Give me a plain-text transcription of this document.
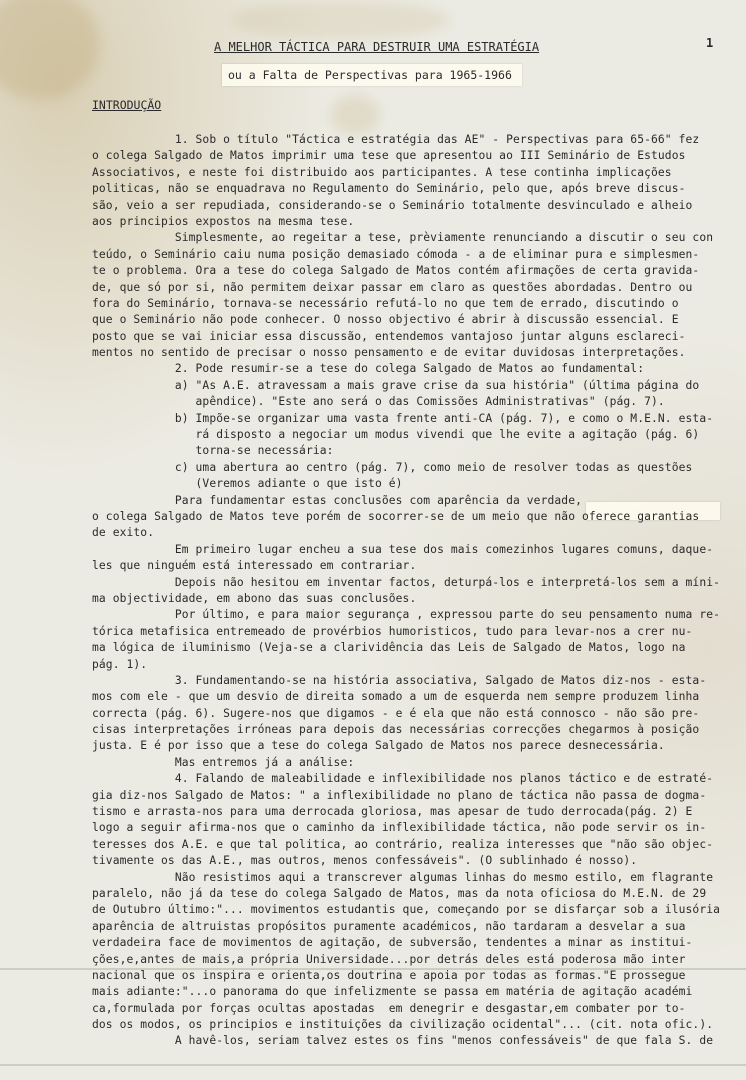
1
A MELHOR TÁCTICA PARA DESTRUIR UMA ESTRATÉGIA
ou a Falta de Perspectivas para 1965-1966
INTRODUÇÃO
1. Sob o título "Táctica e estratégia das AE" - Perspectivas para 65-66" fez
o colega Salgado de Matos imprimir uma tese que apresentou ao III Seminário de Estudos
Associativos, e neste foi distribuido aos participantes. A tese continha implicações
politicas, não se enquadrava no Regulamento do Seminário, pelo que, após breve discus-
são, veio a ser repudiada, considerando-se o Seminário totalmente desvinculado e alheio
aos principios expostos na mesma tese.
Simplesmente, ao regeitar a tese, prèviamente renunciando a discutir o seu con
teúdo, o Seminário caiu numa posição demasiado cómoda - a de eliminar pura e simplesmen-
te o problema. Ora a tese do colega Salgado de Matos contém afirmações de certa gravida-
de, que só por si, não permitem deixar passar em claro as questões abordadas. Dentro ou
fora do Seminário, tornava-se necessário refutá-lo no que tem de errado, discutindo o
que o Seminário não pode conhecer. O nosso objectivo é abrir à discussão essencial. E
posto que se vai iniciar essa discussão, entendemos vantajoso juntar alguns esclareci-
mentos no sentido de precisar o nosso pensamento e de evitar duvidosas interpretações.
2. Pode resumir-se a tese do colega Salgado de Matos ao fundamental:
a) "As A.E. atravessam a mais grave crise da sua história" (última página do
apêndice). "Este ano será o das Comissões Administrativas" (pág. 7).
b) Impõe-se organizar uma vasta frente anti-CA (pág. 7), e como o M.E.N. esta-
rá disposto a negociar um modus vivendi que lhe evite a agitação (pág. 6)
torna-se necessária:
c) uma abertura ao centro (pág. 7), como meio de resolver todas as questões
(Veremos adiante o que isto é)
Para fundamentar estas conclusões com aparência da verdade,
o colega Salgado de Matos teve porém de socorrer-se de um meio que não oferece garantias
de exito.
Em primeiro lugar encheu a sua tese dos mais comezinhos lugares comuns, daque-
les que ninguém está interessado em contrariar.
Depois não hesitou em inventar factos, deturpá-los e interpretá-los sem a míni-
ma objectividade, em abono das suas conclusões.
Por último, e para maior segurança , expressou parte do seu pensamento numa re-
tórica metafisica entremeado de provérbios humoristicos, tudo para levar-nos a crer nu-
ma lógica de iluminismo (Veja-se a clarividência das Leis de Salgado de Matos, logo na
pág. 1).
3. Fundamentando-se na história associativa, Salgado de Matos diz-nos - esta-
mos com ele - que um desvio de direita somado a um de esquerda nem sempre produzem linha
correcta (pág. 6). Sugere-nos que digamos - e é ela que não está connosco - não são pre-
cisas interpretações irróneas para depois das necessárias correcções chegarmos à posição
justa. E é por isso que a tese do colega Salgado de Matos nos parece desnecessária.
Mas entremos já a análise:
4. Falando de maleabilidade e inflexibilidade nos planos táctico e de estraté-
gia diz-nos Salgado de Matos: " a inflexibilidade no plano de táctica não passa de dogma-
tismo e arrasta-nos para uma derrocada gloriosa, mas apesar de tudo derrocada(pág. 2) E
logo a seguir afirma-nos que o caminho da inflexibilidade táctica, não pode servir os in-
teresses dos A.E. e que tal politica, ao contrário, realiza interesses que "não são objec-
tivamente os das A.E., mas outros, menos confessáveis". (O sublinhado é nosso).
Não resistimos aqui a transcrever algumas linhas do mesmo estilo, em flagrante
paralelo, não já da tese do colega Salgado de Matos, mas da nota oficiosa do M.E.N. de 29
de Outubro último:"... movimentos estudantis que, começando por se disfarçar sob a ilusória
aparência de altruistas propósitos puramente académicos, não tardaram a desvelar a sua
verdadeira face de movimentos de agitação, de subversão, tendentes a minar as institui-
ções,e,antes de mais,a própria Universidade...por detrás deles está poderosa mão inter
nacional que os inspira e orienta,os doutrina e apoia por todas as formas."E prossegue
mais adiante:"...o panorama do que infelizmente se passa em matéria de agitação académi
ca,formulada por forças ocultas apostadas  em denegrir e desgastar,em combater por to-
dos os modos, os principios e instituições da civilização ocidental"... (cit. nota ofic.).
A havê-los, seriam talvez estes os fins "menos confessáveis" de que fala S. de
